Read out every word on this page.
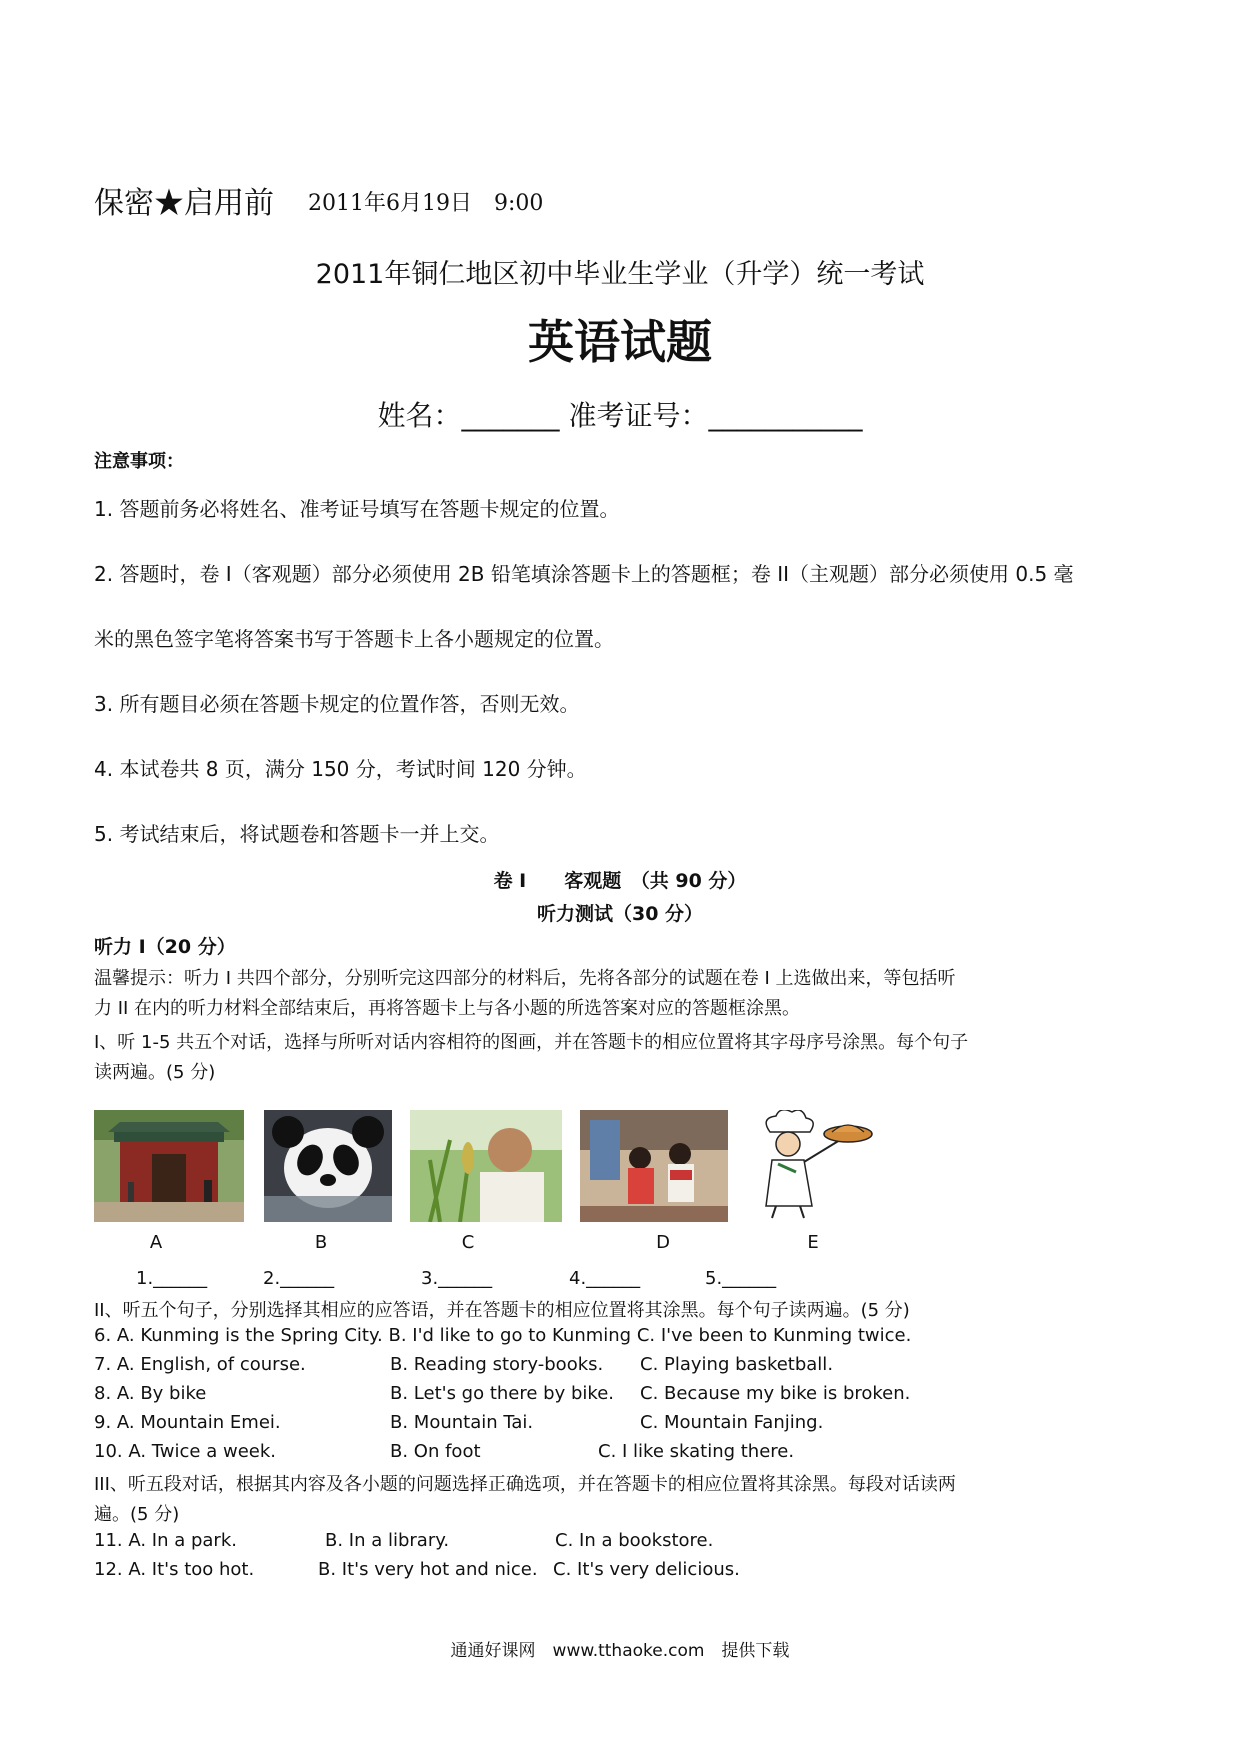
保密★启用前 2011年6月19日　9:00
2011年铜仁地区初中毕业生学业（升学）统一考试
英语试题
姓名：_______ 准考证号：___________
注意事项：
1. 答题前务必将姓名、准考证号填写在答题卡规定的位置。
2. 答题时，卷 I（客观题）部分必须使用 2B 铅笔填涂答题卡上的答题框；卷 II（主观题）部分必须使用 0.5 毫
米的黑色签字笔将答案书写于答题卡上各小题规定的位置。
3. 所有题目必须在答题卡规定的位置作答，否则无效。
4. 本试卷共 8 页，满分 150 分，考试时间 120 分钟。
5. 考试结束后，将试题卷和答题卡一并上交。
卷 I　　客观题　（共 90 分）
听力测试（30 分）
听力 I（20 分）
温馨提示：听力 I 共四个部分，分别听完这四部分的材料后，先将各部分的试题在卷 I 上选做出来，等包括听
力 II 在内的听力材料全部结束后，再将答题卡上与各小题的所选答案对应的答题框涂黑。
I、听 1-5 共五个对话，选择与所听对话内容相符的图画，并在答题卡的相应位置将其字母序号涂黑。每个句子
读两遍。(5 分)
A	B	C	D	E
1.______	2.______	3.______	4.______	5.______
II、听五个句子，分别选择其相应的应答语，并在答题卡的相应位置将其涂黑。每个句子读两遍。(5 分)
6. A. Kunming is the Spring City. B. I'd like to go to Kunming C. I've been to Kunming twice.
7. A. English, of course.	B. Reading story-books. C. Playing basketball.
8. A. By bike	B. Let's go there by bike. C. Because my bike is broken.
9. A. Mountain Emei.	B. Mountain Tai.	C. Mountain Fanjing.
10. A. Twice a week.	B. On foot	C. I like skating there.
III、听五段对话，根据其内容及各小题的问题选择正确选项，并在答题卡的相应位置将其涂黑。每段对话读两
遍。(5 分)
11. A. In a park.	B. In a library.	C. In a bookstore.
12. A. It's too hot.	B. It's very hot and nice. C. It's very delicious.
通通好课网　www.tthaoke.com　提供下载
